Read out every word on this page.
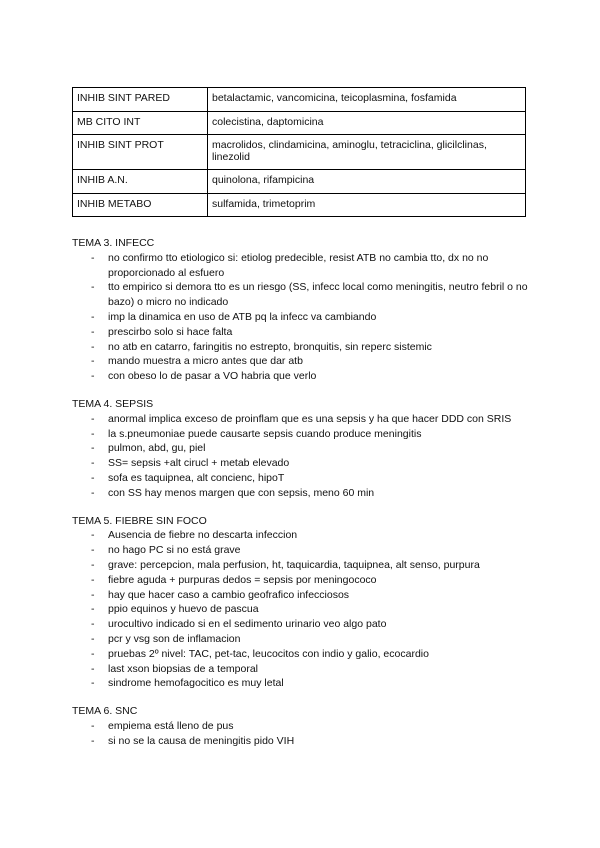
INHIB SINT PARED	betalactamic, vancomicina, teicoplasmina, fosfamida
MB CITO INT	colecistina, daptomicina
INHIB SINT PROT	macrolidos, clindamicina, aminoglu, tetraciclina, glicilclinas, linezolid
INHIB A.N.	quinolona, rifampicina
INHIB METABO	sulfamida, trimetoprim
TEMA 3. INFECC
- no confirmo tto etiologico si: etiolog predecible, resist ATB no cambia tto, dx no no proporcionado al esfuero
- tto empirico si demora tto es un riesgo (SS, infecc local como meningitis, neutro febril o no bazo) o micro no indicado
- imp la dinamica en uso de ATB pq la infecc va cambiando
- prescirbo solo si hace falta
- no atb en catarro, faringitis no estrepto, bronquitis, sin reperc sistemic
- mando muestra a micro antes que dar atb
- con obeso lo de pasar a VO habria que verlo
TEMA 4. SEPSIS
- anormal implica exceso de proinflam que es una sepsis y ha que hacer DDD con SRIS
- la s.pneumoniae puede causarte sepsis cuando produce meningitis
- pulmon, abd, gu, piel
- SS= sepsis +alt cirucl + metab elevado
- sofa es taquipnea, alt concienc, hipoT
- con SS hay menos margen que con sepsis, meno 60 min
TEMA 5. FIEBRE SIN FOCO
- Ausencia de fiebre no descarta infeccion
- no hago PC si no está grave
- grave: percepcion, mala perfusion, ht, taquicardia, taquipnea, alt senso, purpura
- fiebre aguda + purpuras dedos = sepsis por meningococo
- hay que hacer caso a cambio geofrafico infecciosos
- ppio equinos y huevo de pascua
- urocultivo indicado si en el sedimento urinario veo algo pato
- pcr y vsg son de inflamacion
- pruebas 2º nivel: TAC, pet-tac, leucocitos con indio y galio, ecocardio
- last xson biopsias de a temporal
- sindrome hemofagocitico es muy letal
TEMA 6. SNC
- empiema está lleno de pus
- si no se la causa de meningitis pido VIH
